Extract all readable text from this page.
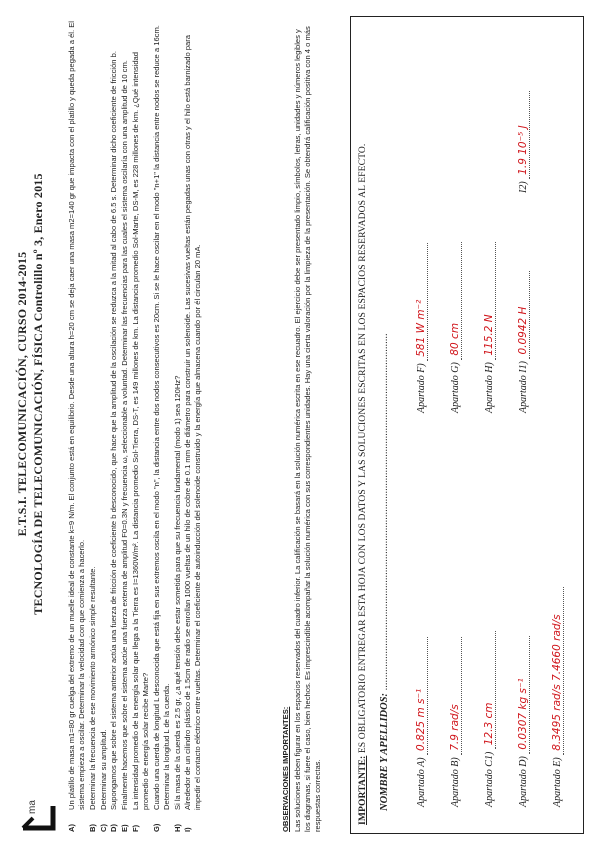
ma
E.T.S.I. TELECOMUNICACIÓN, CURSO 2014-2015 TECNOLOGÍA DE TELECOMUNICACIÓN, FÍSICA Controlillo nº 3, Enero 2015
A)
Un platillo de masa m1=80 gr cuelga del extremo de un muelle ideal de constante k=9 N/m. El conjunto está en equilibrio. Desde una altura h=20 cm se deja caer una masa m2=140 gr que impacta con el platillo y queda pegada a él. El sistema empieza a oscilar. Determinar la velocidad con que comienza a hacerlo.
B)
Determinar la frecuencia de ese movimiento armónico simple resultante.
C)
Determinar su amplitud.
D)
Supongamos que sobre el sistema anterior actúa una fuerza de fricción de coeficiente b desconocido, que hace que la amplitud de la oscilación se reduzca a la mitad al cabo de 6.5 s. Determinar dicho coeficiente de fricción b.
E)
Finalmente hacemos que sobre el sistema actúe una fuerza externa de amplitud F0=0.3N y frecuencia ω, seleccionable a voluntad. Determinar las frecuencias para las cuales el sistema oscilaría con una amplitud de 10 cm.
F)
La intensidad promedio de la energía solar que llega a la Tierra es I=1360W/m². La distancia promedio Sol-Tierra, DS-T, es 149 millones de km. La distancia promedio Sol-Marte, DS-M, es 228 millones de km. ¿Qué intensidad promedio de energía solar recibe Marte?
G)
Cuando una cuerda de longitud L desconocida que está fija en sus extremos oscila en el modo "n", la distancia entre dos nodos consecutivos es 20cm. Si se le hace oscilar en el modo "n+1" la distancia entre nodos se reduce a 16cm. Determinar la longitud L de la cuerda.
H)
Si la masa de la cuerda es 2.5 gr, ¿a qué tensión debe estar sometida para que su frecuencia fundamental (modo 1) sea 120Hz?
I)
Alrededor de un cilindro plástico de 1.5cm de radio se enrollan 1000 vueltas de un hilo de cobre de 0.1 mm de diámetro para construir un solenoide. Las sucesivas vueltas están pegadas unas con otras y el hilo está barnizado para impedir el contacto eléctrico entre vueltas. Determinar el coeficiente de autoinducción del solenoide construido y la energía que almacena cuando por él circulan 20 mA.	OBSERVACIONES IMPORTANTES: Las soluciones deben figurar en los espacios reservados del cuadro inferior. La calificación se basará en la solución numérica escrita en ese recuadro. El ejercicio debe ser presentado limpio, símbolos, letras, unidades y números legibles y los diagramas, si fuere el caso, bien hechos. Es imprescindible acompañar la solución numérica con sus correspondientes unidades. Hay una cierta valoración por la limpieza de la presentación. Se obtendrá calificación positiva con 4 o más respuestas correctas.	IMPORTANTE: ES OBLIGATORIO ENTREGAR ESTA HOJA CON LOS DATOS Y LAS SOLUCIONES ESCRITAS EN LOS ESPACIOS RESERVADOS AL EFECTO. NOMBRE Y APELLIDOS: ........................................................................................................................................
Apartado A) 0.825 m s⁻¹
Apartado B) 7.9 rad/s
Apartado C1) 12.3 cm
Apartado D) 0.0307 kg s⁻¹
Apartado E) 8.3495 rad/s 7.4660 rad/s
Apartado F) 581 W m⁻²
Apartado G) 80 cm
Apartado H) 115.2 N
Apartado I1) 0.0942 H
I2) 1.9 10⁻⁵ J
